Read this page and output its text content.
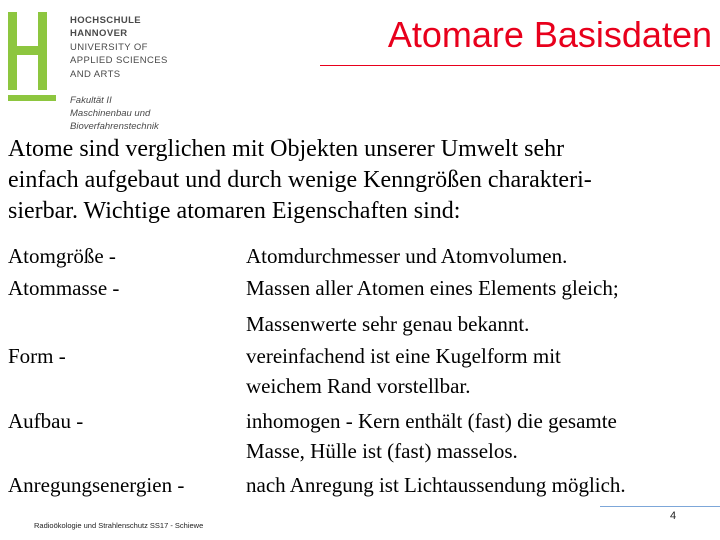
HOCHSCHULE
HANNOVER
UNIVERSITY OF
APPLIED SCIENCES
AND ARTS
Fakultät II
Maschinenbau und
Bioverfahrenstechnik
Atomare Basisdaten
Atome sind verglichen mit Objekten unserer Umwelt sehr
einfach aufgebaut und durch wenige Kenngrößen charakteri-
sierbar. Wichtige atomaren Eigenschaften sind:
Atomgröße -	Atomdurchmesser und Atomvolumen.
Atommasse -	Massen aller Atomen eines Elements gleich;
Massenwerte sehr genau bekannt.
Form -	vereinfachend ist eine Kugelform mit
weichem Rand vorstellbar.
Aufbau -	inhomogen - Kern enthält (fast) die gesamte
Masse, Hülle ist (fast) masselos.
Anregungsenergien -	nach Anregung ist Lichtaussendung möglich.
4
Radioökologie und Strahlenschutz SS17 - Schiewe
